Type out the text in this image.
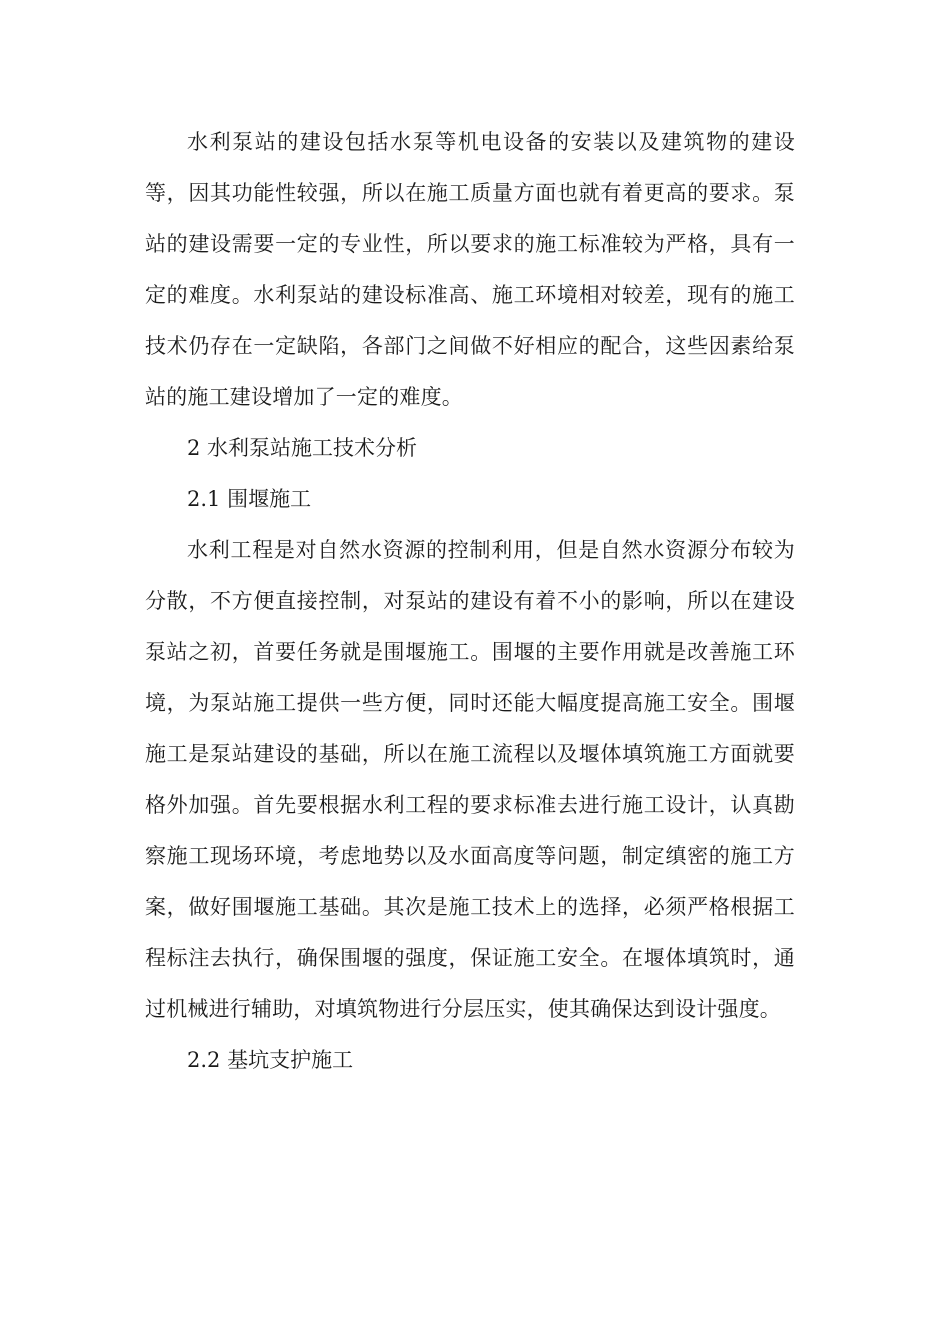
水利泵站的建设包括水泵等机电设备的安装以及建筑物的建设等，因其功能性较强，所以在施工质量方面也就有着更高的要求。泵站的建设需要一定的专业性，所以要求的施工标准较为严格，具有一定的难度。水利泵站的建设标准高、施工环境相对较差，现有的施工技术仍存在一定缺陷，各部门之间做不好相应的配合，这些因素给泵站的施工建设增加了一定的难度。

2 水利泵站施工技术分析

2.1 围堰施工

水利工程是对自然水资源的控制利用，但是自然水资源分布较为分散，不方便直接控制，对泵站的建设有着不小的影响，所以在建设泵站之初，首要任务就是围堰施工。围堰的主要作用就是改善施工环境，为泵站施工提供一些方便，同时还能大幅度提高施工安全。围堰施工是泵站建设的基础，所以在施工流程以及堰体填筑施工方面就要格外加强。首先要根据水利工程的要求标准去进行施工设计，认真勘察施工现场环境，考虑地势以及水面高度等问题，制定缜密的施工方案，做好围堰施工基础。其次是施工技术上的选择，必须严格根据工程标注去执行，确保围堰的强度，保证施工安全。在堰体填筑时，通过机械进行辅助，对填筑物进行分层压实，使其确保达到设计强度。

2.2 基坑支护施工
